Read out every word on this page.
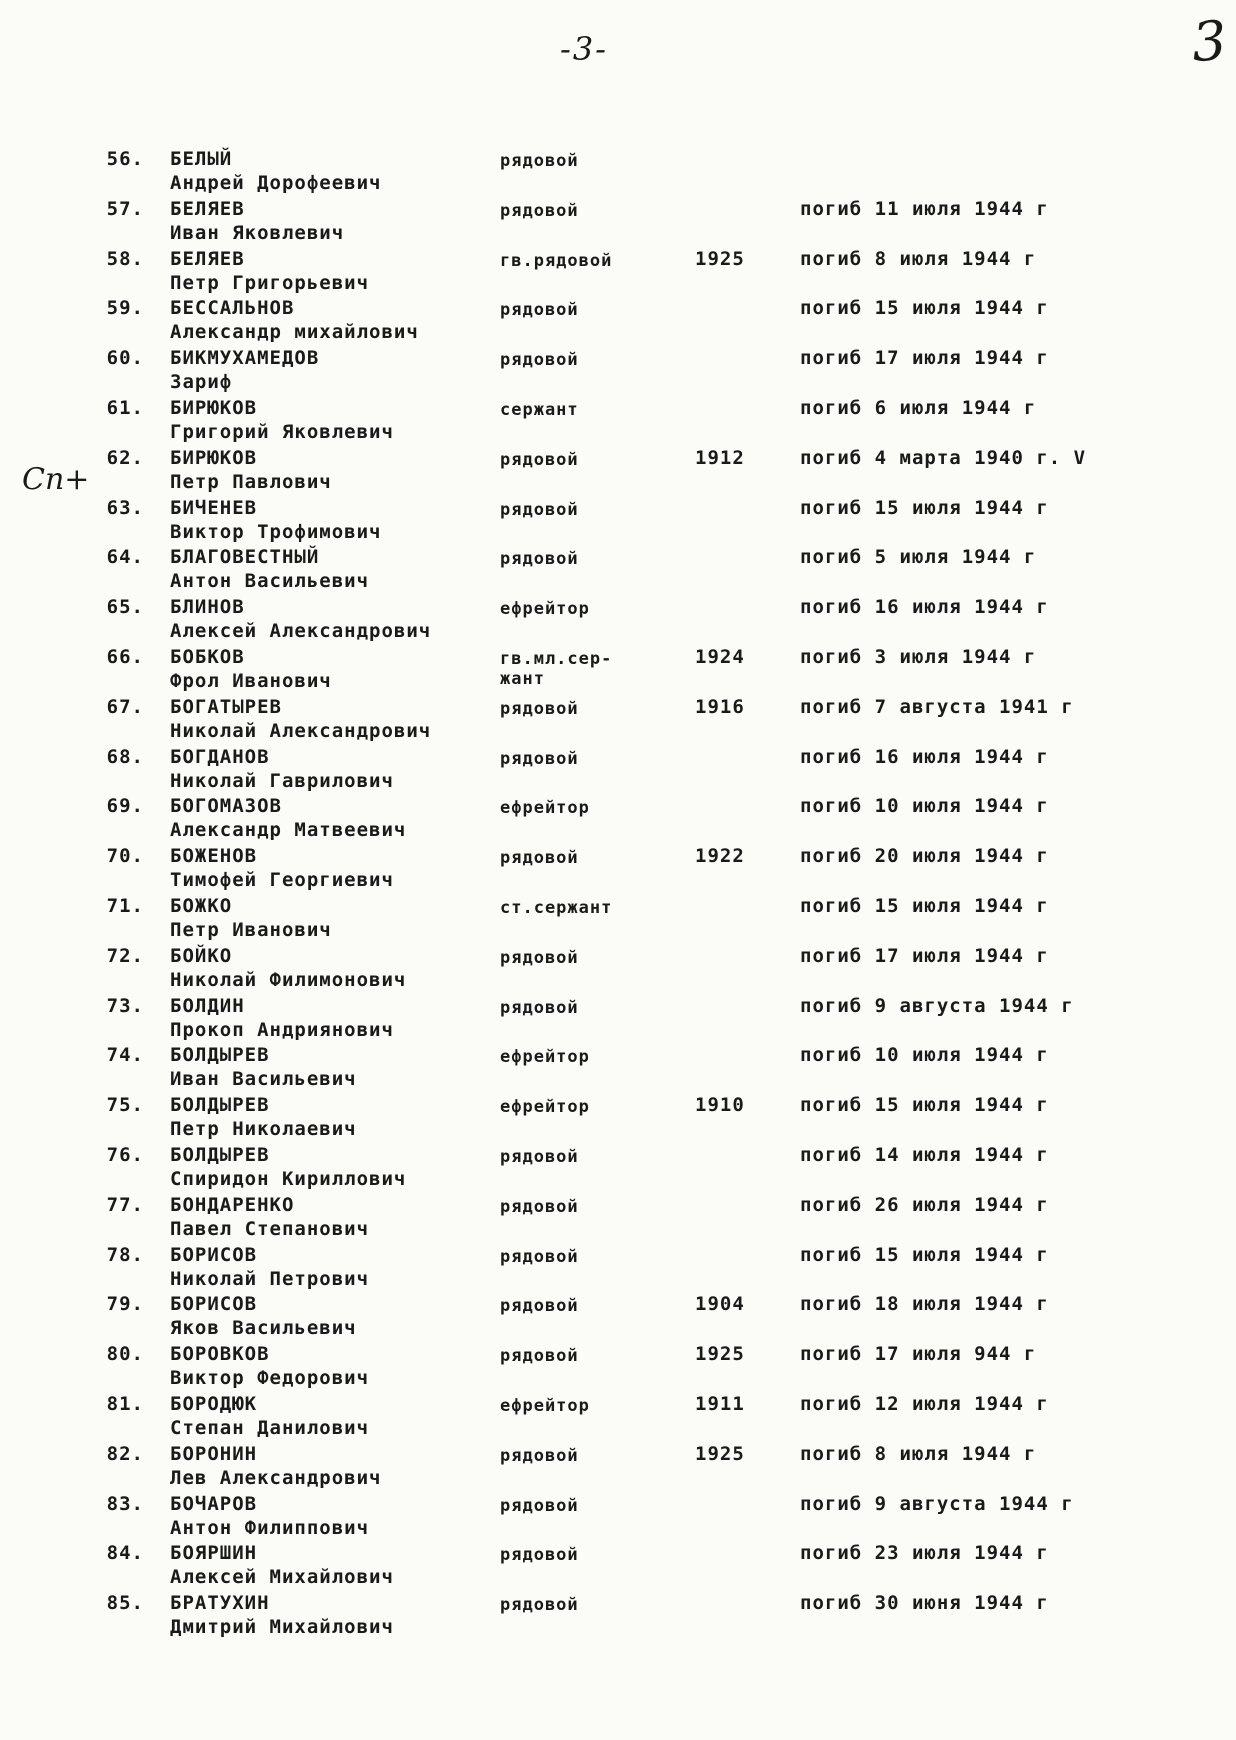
-3-	3
Сп+
56. БЕЛЫЙ
Андрей Дорофеевич
рядовой
57. БЕЛЯЕВ
Иван Яковлевич
рядовой	погиб 11 июля 1944 г
58. БЕЛЯЕВ
Петр Григорьевич
гв.рядовой	1925	погиб 8 июля 1944 г
59. БЕССАЛЬНОВ
Александр михайлович
рядовой	погиб 15 июля 1944 г
60. БИКМУХАМЕДОВ
Зариф
рядовой	погиб 17 июля 1944 г
61. БИРЮКОВ
Григорий Яковлевич
сержант	погиб 6 июля 1944 г
62. БИРЮКОВ
Петр Павлович
рядовой	1912	погиб 4 марта 1940 г. V
63. БИЧЕНЕВ
Виктор Трофимович
рядовой	погиб 15 июля 1944 г
64. БЛАГОВЕСТНЫЙ
Антон Васильевич
рядовой	погиб 5 июля 1944 г
65. БЛИНОВ
Алексей Александрович
ефрейтор	погиб 16 июля 1944 г
66. БОБКОВ
Фрол Иванович
гв.мл.сер-
жант
1924	погиб 3 июля 1944 г
67. БОГАТЫРЕВ
Николай Александрович
рядовой	1916	погиб 7 августа 1941 г
68. БОГДАНОВ
Николай Гаврилович
рядовой	погиб 16 июля 1944 г
69. БОГОМАЗОВ
Александр Матвеевич
ефрейтор	погиб 10 июля 1944 г
70. БОЖЕНОВ
Тимофей Георгиевич
рядовой	1922	погиб 20 июля 1944 г
71. БОЖКО
Петр Иванович
ст.сержант	погиб 15 июля 1944 г
72. БОЙКО
Николай Филимонович
рядовой	погиб 17 июля 1944 г
73. БОЛДИН
Прокоп Андриянович
рядовой	погиб 9 августа 1944 г
74. БОЛДЫРЕВ
Иван Васильевич
ефрейтор	погиб 10 июля 1944 г
75. БОЛДЫРЕВ
Петр Николаевич
ефрейтор	1910	погиб 15 июля 1944 г
76. БОЛДЫРЕВ
Спиридон Кириллович
рядовой	погиб 14 июля 1944 г
77. БОНДАРЕНКО
Павел Степанович
рядовой	погиб 26 июля 1944 г
78. БОРИСОВ
Николай Петрович
рядовой	погиб 15 июля 1944 г
79. БОРИСОВ
Яков Васильевич
рядовой	1904	погиб 18 июля 1944 г
80. БОРОВКОВ
Виктор Федорович
рядовой	1925	погиб 17 июля 944 г
81. БОРОДЮК
Степан Данилович
ефрейтор	1911	погиб 12 июля 1944 г
82. БОРОНИН
Лев Александрович
рядовой	1925	погиб 8 июля 1944 г
83. БОЧАРОВ
Антон Филиппович
рядовой	погиб 9 августа 1944 г
84. БОЯРШИН
Алексей Михайлович
рядовой	погиб 23 июля 1944 г
85. БРАТУХИН
Дмитрий Михайлович
рядовой	погиб 30 июня 1944 г
